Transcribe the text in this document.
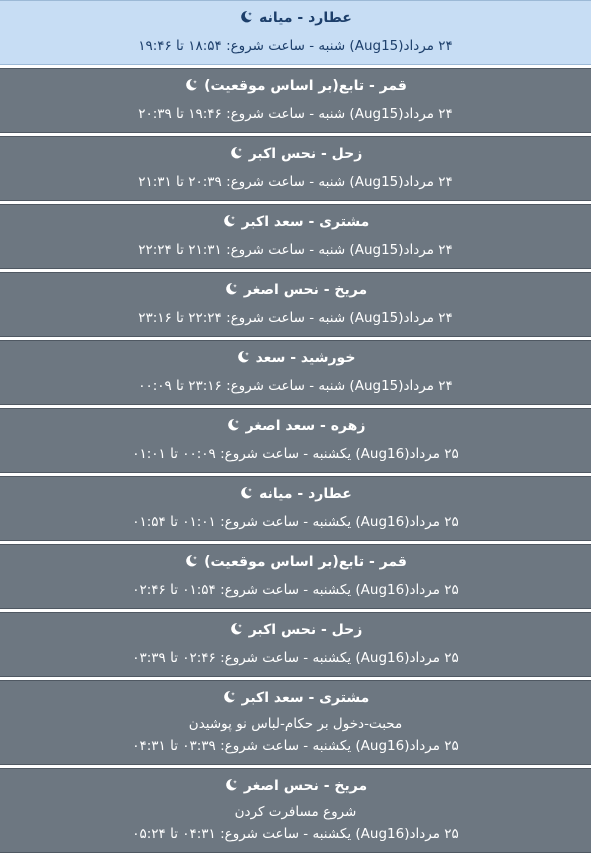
عطارد - میانه
۲۴ مرداد(Aug15) شنبه - ساعت شروع: ۱۸:۵۴ تا ۱۹:۴۶
قمر - تابع(بر اساس موقعیت)
۲۴ مرداد(Aug15) شنبه - ساعت شروع: ۱۹:۴۶ تا ۲۰:۳۹
زحل - نحس اکبر
۲۴ مرداد(Aug15) شنبه - ساعت شروع: ۲۰:۳۹ تا ۲۱:۳۱
مشتری - سعد اکبر
۲۴ مرداد(Aug15) شنبه - ساعت شروع: ۲۱:۳۱ تا ۲۲:۲۴
مریخ - نحس اصغر
۲۴ مرداد(Aug15) شنبه - ساعت شروع: ۲۲:۲۴ تا ۲۳:۱۶
خورشید - سعد
۲۴ مرداد(Aug15) شنبه - ساعت شروع: ۲۳:۱۶ تا ۰۰:۰۹
زهره - سعد اصغر
۲۵ مرداد(Aug16) یکشنبه - ساعت شروع: ۰۰:۰۹ تا ۰۱:۰۱
عطارد - میانه
۲۵ مرداد(Aug16) یکشنبه - ساعت شروع: ۰۱:۰۱ تا ۰۱:۵۴
قمر - تابع(بر اساس موقعیت)
۲۵ مرداد(Aug16) یکشنبه - ساعت شروع: ۰۱:۵۴ تا ۰۲:۴۶
زحل - نحس اکبر
۲۵ مرداد(Aug16) یکشنبه - ساعت شروع: ۰۲:۴۶ تا ۰۳:۳۹
مشتری - سعد اکبر
محبت-دخول بر حکام-لباس نو پوشیدن
۲۵ مرداد(Aug16) یکشنبه - ساعت شروع: ۰۳:۳۹ تا ۰۴:۳۱
مریخ - نحس اصغر
شروع مسافرت کردن
۲۵ مرداد(Aug16) یکشنبه - ساعت شروع: ۰۴:۳۱ تا ۰۵:۲۴
